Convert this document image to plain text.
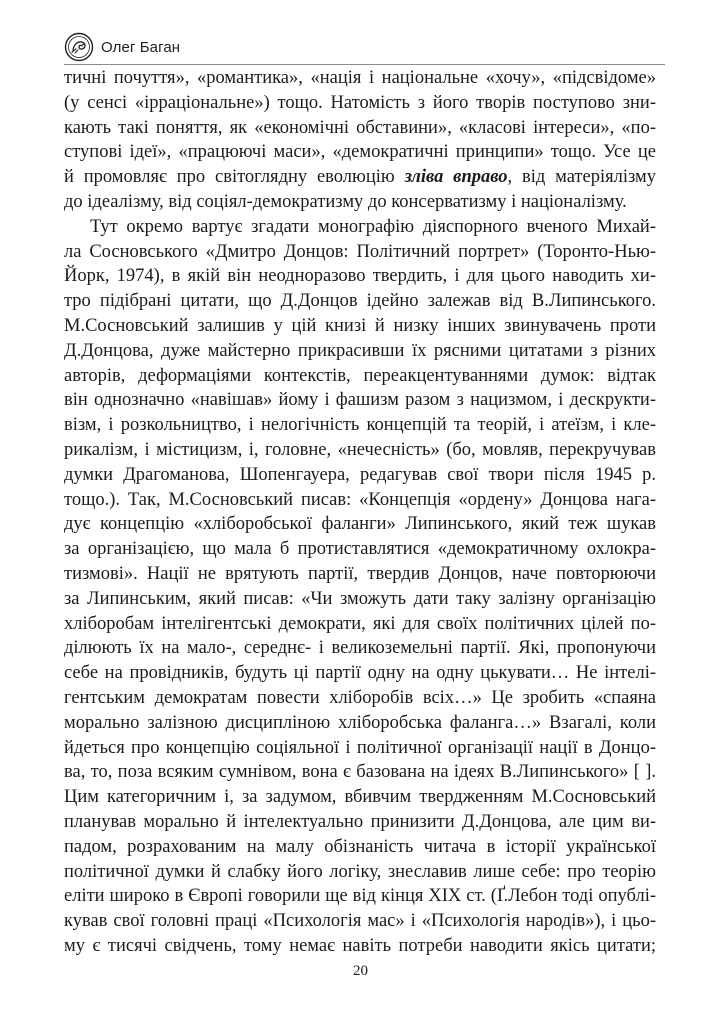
Олег Баган
тичні почуття», «романтика», «нація і національне «хочу», «підсвідоме»
(у сенсі «ірраціональне») тощо. Натомість з його творів поступово зни-
кають такі поняття, як «економічні обставини», «класові інтереси», «по-
ступові ідеї», «працюючі маси», «демократичні принципи» тощо. Усе це
й промовляє про світоглядну еволюцію зліва вправо, від матеріялізму
до ідеалізму, від соціял-демократизму до консерватизму і націоналізму.
Тут окремо вартує згадати монографію діяспорного вченого Михай-
ла Сосновського «Дмитро Донцов: Політичний портрет» (Торонто-Нью-
Йорк, 1974), в якій він неодноразово твердить, і для цього наводить хи-
тро підібрані цитати, що Д.Донцов ідейно залежав від В.Липинського.
М.Сосновський залишив у цій книзі й низку інших звинувачень проти
Д.Донцова, дуже майстерно прикрасивши їх рясними цитатами з різних
авторів, деформаціями контекстів, переакцентуваннями думок: відтак
він однозначно «навішав» йому і фашизм разом з нацизмом, і дескрукти-
візм, і розкольництво, і нелогічність концепцій та теорій, і атеїзм, і кле-
рикалізм, і містицизм, і, головне, «нечесність» (бо, мовляв, перекручував
думки Драгоманова, Шопенгауера, редагував свої твори після 1945 р.
тощо.). Так, М.Сосновський писав: «Концепція «ордену» Донцова нага-
дує концепцію «хліборобської фаланги» Липинського, який теж шукав
за організацією, що мала б протиставлятися «демократичному охлокра-
тизмові». Нації не врятують партії, твердив Донцов, наче повторюючи
за Липинським, який писав: «Чи зможуть дати таку залізну організацію
хліборобам інтелігентські демократи, які для своїх політичних цілей по-
ділюють їх на мало-, середнє- і великоземельні партії. Які, пропонуючи
себе на провідників, будуть ці партії одну на одну цькувати… Не інтелі-
гентським демократам повести хліборобів всіх…» Це зробить «спаяна
морально залізною дисципліною хліборобська фаланга…» Взагалі, коли
йдеться про концепцію соціяльної і політичної організації нації в Донцо-
ва, то, поза всяким сумнівом, вона є базована на ідеях В.Липинського» [ ].
Цим категоричним і, за задумом, вбивчим твердженням М.Сосновський
планував морально й інтелектуально принизити Д.Донцова, але цим ви-
падом, розрахованим на малу обізнаність читача в історії української
політичної думки й слабку його логіку, знеславив лише себе: про теорію
еліти широко в Європі говорили ще від кінця XIX ст. (Ґ.Лебон тоді опублі-
кував свої головні праці «Психологія мас» і «Психологія народів»), і цьо-
му є тисячі свідчень, тому немає навіть потреби наводити якісь цитати;
20
